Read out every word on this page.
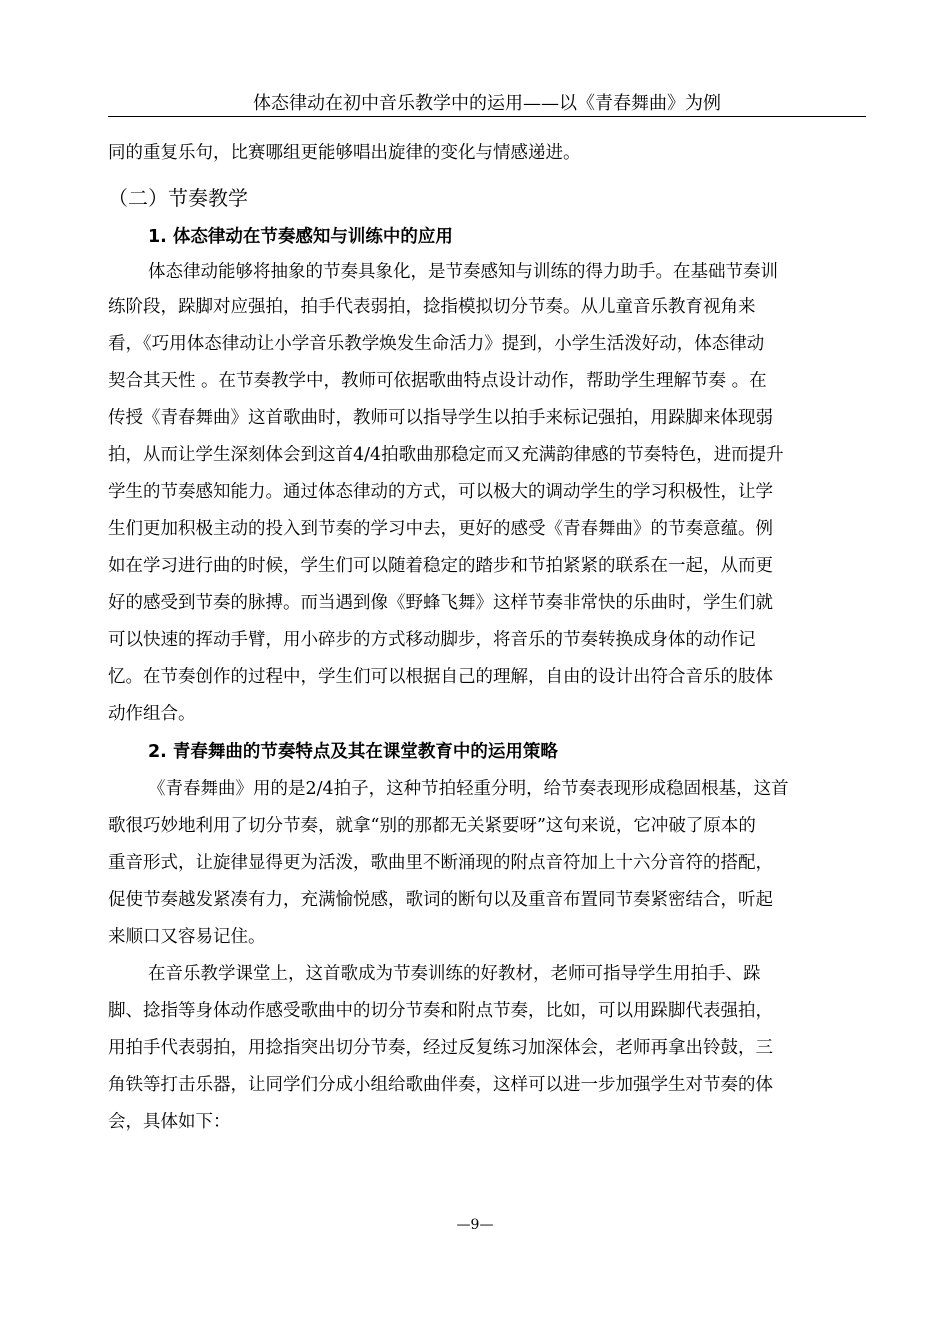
体态律动在初中音乐教学中的运用——以《青春舞曲》为例
同的重复乐句，比赛哪组更能够唱出旋律的变化与情感递进。
（二）节奏教学
1. 体态律动在节奏感知与训练中的应用
体态律动能够将抽象的节奏具象化，是节奏感知与训练的得力助手。在基础节奏训
练阶段，跺脚对应强拍，拍手代表弱拍，捻指模拟切分节奏。从儿童音乐教育视角来
看，《巧用体态律动让小学音乐教学焕发生命活力》提到，小学生活泼好动，体态律动
契合其天性 。在节奏教学中，教师可依据歌曲特点设计动作，帮助学生理解节奏 。在
传授《青春舞曲》这首歌曲时，教师可以指导学生以拍手来标记强拍，用跺脚来体现弱
拍，从而让学生深刻体会到这首4/4拍歌曲那稳定而又充满韵律感的节奏特色，进而提升
学生的节奏感知能力。通过体态律动的方式，可以极大的调动学生的学习积极性，让学
生们更加积极主动的投入到节奏的学习中去，更好的感受《青春舞曲》的节奏意蕴。例
如在学习进行曲的时候，学生们可以随着稳定的踏步和节拍紧紧的联系在一起，从而更
好的感受到节奏的脉搏。而当遇到像《野蜂飞舞》这样节奏非常快的乐曲时，学生们就
可以快速的挥动手臂，用小碎步的方式移动脚步，将音乐的节奏转换成身体的动作记
忆。在节奏创作的过程中，学生们可以根据自己的理解，自由的设计出符合音乐的肢体
动作组合。
2. 青春舞曲的节奏特点及其在课堂教育中的运用策略
《青春舞曲》用的是2/4拍子，这种节拍轻重分明，给节奏表现形成稳固根基，这首
歌很巧妙地利用了切分节奏，就拿“别的那都无关紧要呀”这句来说，它冲破了原本的
重音形式，让旋律显得更为活泼，歌曲里不断涌现的附点音符加上十六分音符的搭配，
促使节奏越发紧凑有力，充满愉悦感，歌词的断句以及重音布置同节奏紧密结合，听起
来顺口又容易记住。
在音乐教学课堂上，这首歌成为节奏训练的好教材，老师可指导学生用拍手、跺
脚、捻指等身体动作感受歌曲中的切分节奏和附点节奏，比如，可以用跺脚代表强拍，
用拍手代表弱拍，用捻指突出切分节奏，经过反复练习加深体会，老师再拿出铃鼓，三
角铁等打击乐器，让同学们分成小组给歌曲伴奏，这样可以进一步加强学生对节奏的体
会，具体如下：
—9—
